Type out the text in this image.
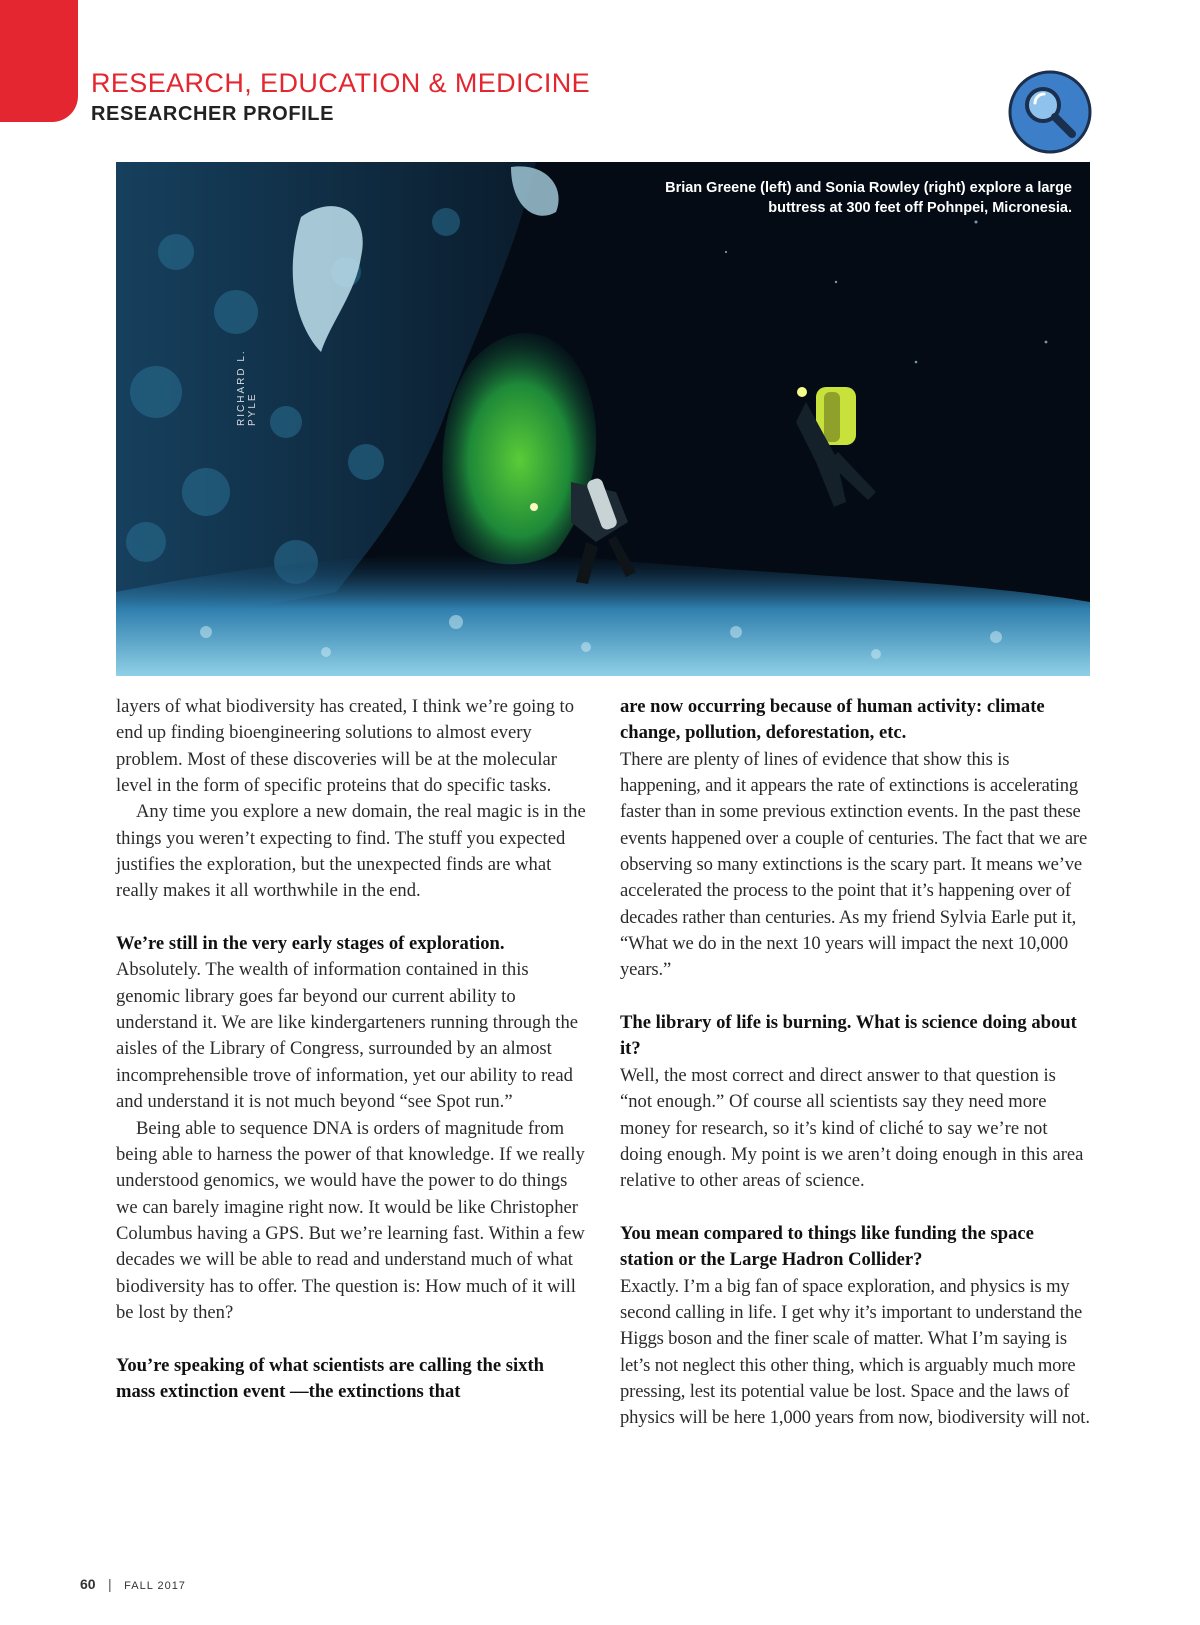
RESEARCH, EDUCATION & MEDICINE
RESEARCHER PROFILE
RICHARD L. PYLE

Brian Greene (left) and Sonia Rowley (right) explore a large buttress at 300 feet off Pohnpei, Micronesia.

layers of what biodiversity has created, I think we’re going to end up finding bioengineering solutions to almost every problem. Most of these discoveries will be at the molecular level in the form of specific proteins that do specific tasks.

Any time you explore a new domain, the real magic is in the things you weren’t expecting to find. The stuff you expected justifies the exploration, but the unexpected finds are what really makes it all worthwhile in the end.

We’re still in the very early stages of exploration.

Absolutely. The wealth of information contained in this genomic library goes far beyond our current ability to understand it. We are like kindergarteners running through the aisles of the Library of Congress, surrounded by an almost incomprehensible trove of information, yet our ability to read and understand it is not much beyond “see Spot run.”

Being able to sequence DNA is orders of magnitude from being able to harness the power of that knowledge. If we really understood genomics, we would have the power to do things we can barely imagine right now. It would be like Christopher Columbus having a GPS. But we’re learning fast. Within a few decades we will be able to read and understand much of what biodiversity has to offer. The question is: How much of it will be lost by then?

You’re speaking of what scientists are calling the sixth mass extinction event —the extinctions that

are now occurring because of human activity: climate change, pollution, deforestation, etc.

There are plenty of lines of evidence that show this is happening, and it appears the rate of extinctions is accelerating faster than in some previous extinction events. In the past these events happened over a couple of centuries. The fact that we are observing so many extinctions is the scary part. It means we’ve accelerated the process to the point that it’s happening over of decades rather than centuries. As my friend Sylvia Earle put it, “What we do in the next 10 years will impact the next 10,000 years.”

The library of life is burning. What is science doing about it?

Well, the most correct and direct answer to that question is “not enough.” Of course all scientists say they need more money for research, so it’s kind of cliché to say we’re not doing enough. My point is we aren’t doing enough in this area relative to other areas of science.

You mean compared to things like funding the space station or the Large Hadron Collider?

Exactly. I’m a big fan of space exploration, and physics is my second calling in life. I get why it’s important to understand the Higgs boson and the finer scale of matter. What I’m saying is let’s not neglect this other thing, which is arguably much more pressing, lest its potential value be lost. Space and the laws of physics will be here 1,000 years from now, biodiversity will not.

60 | FALL 2017
